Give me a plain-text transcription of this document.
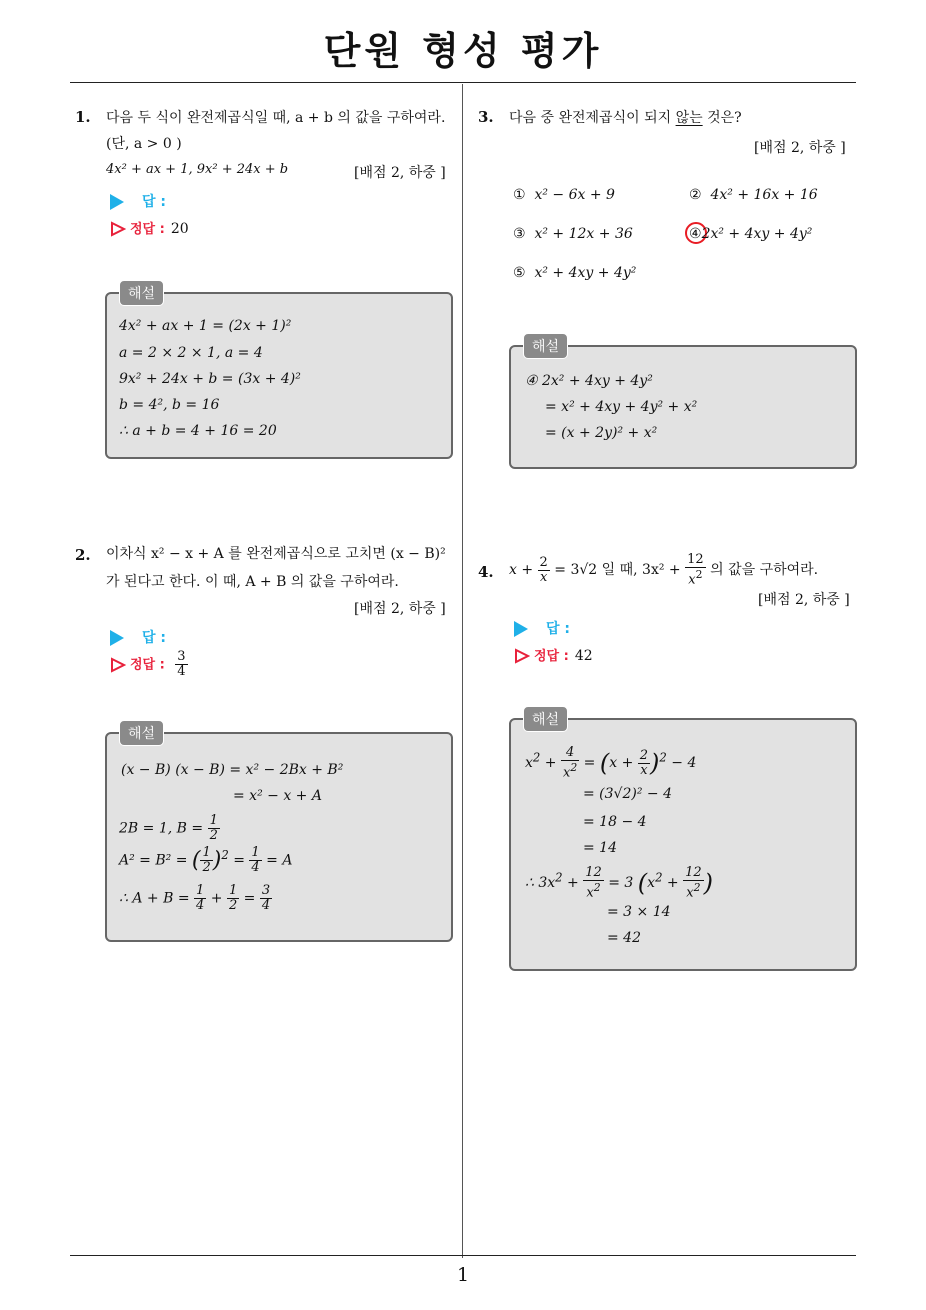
단원 형성 평가
1
1. 다음 두 식이 완전제곱식일 때, a + b 의 값을 구하여라.
(단, a > 0 )
4x² + ax + 1, 9x² + 24x + b	[배점 2, 하중 ]
답 :
정답 : 20
4x² + ax + 1 = (2x + 1)²
a = 2 × 2 × 1, a = 4
9x² + 24x + b = (3x + 4)²
b = 4², b = 16
∴ a + b = 4 + 16 = 20
해설
2. 이차식 x² − x + A 를 완전제곱식으로 고치면 (x − B)²
가 된다고 한다. 이 때, A + B 의 값을 구하여라.
[배점 2, 하중 ]
답 :
정답 : $\frac{3}{4}$
(x − B) (x − B) = x² − 2Bx + B²
= x² − x + A
2B = 1, $B = \frac{1}{2}$
A² = B² = ( $\frac{1}{2} )^2 = \frac{1}{4} = A$
∴ $A + B = \frac{1}{4} + \frac{1}{2} = \frac{3}{4}$
해설
3. 다음 중 완전제곱식이 되지 않는 것은?
[배점 2, 하중 ]
① x² − 6x + 9	② 4x² + 16x + 16
③ x² + 12x + 36	④2x² + 4xy + 4y²
⑤ x² + 4xy + 4y²
④ 2x² + 4xy + 4y²
= x² + 4xy + 4y² + x²
= (x + 2y)² + x²
해설
4. $x + \frac{2}{x} = 3√2$ 일 때, $3x^2 + \frac{12}{x^2}$ 의 값을 구하여라.
[배점 2, 하중 ]
답 :
정답 : 42
$x^2 + \frac{4}{x^2} = (x + \frac{2}{x} )^2 - 4$
= (3√2)² − 4
= 18 − 4
= 14
∴ $3x^2 + \frac{12}{x^2} = 3$ ($x^2 + \frac{12}{x^2}$ )
= 3 × 14
= 42
해설
